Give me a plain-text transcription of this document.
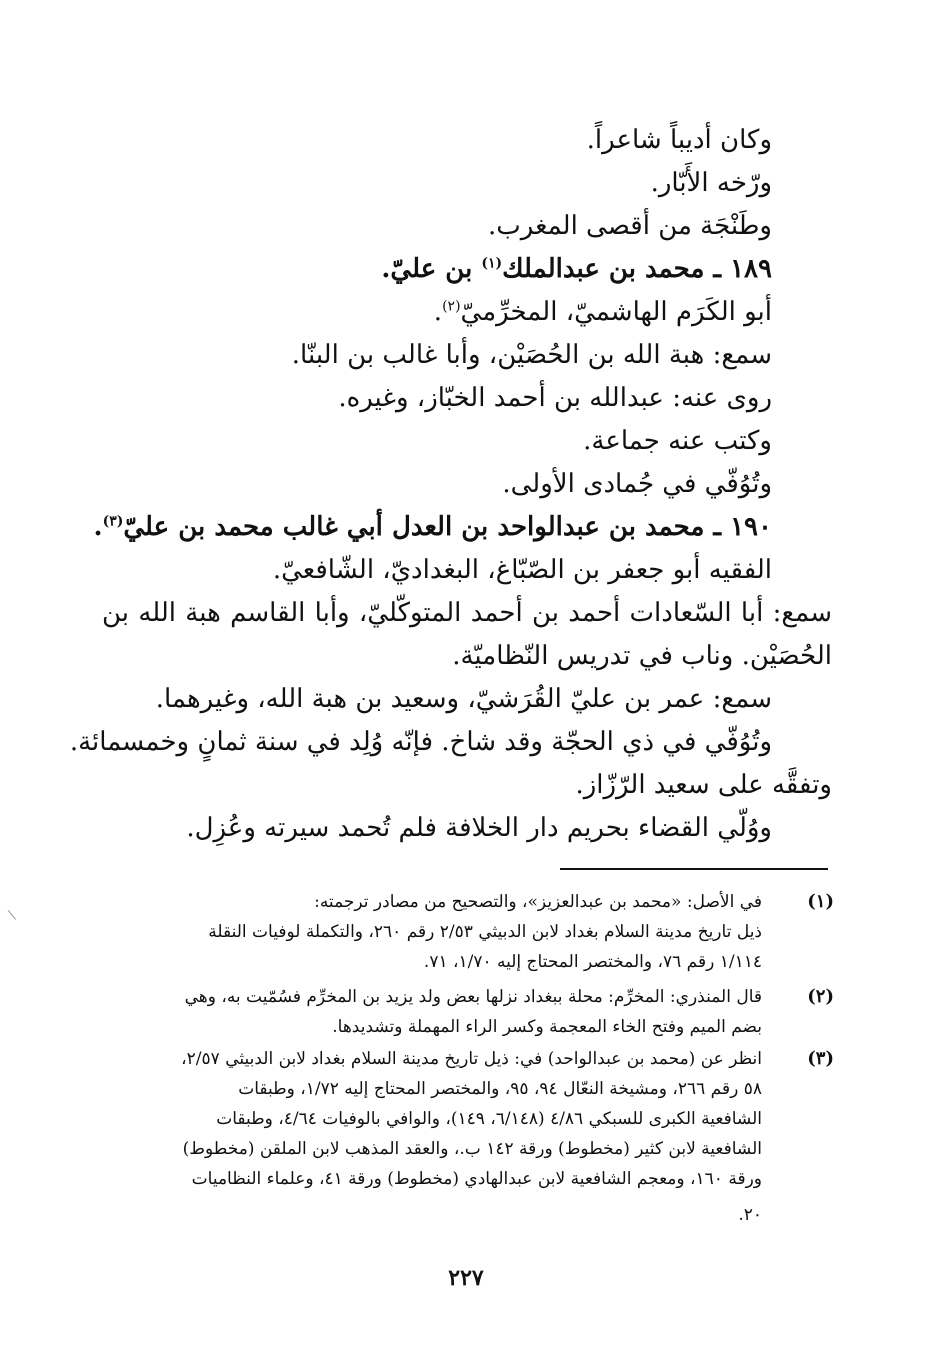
وكان أديباً شاعراً.
ورّخه الأَبّار.
وطَنْجَة من أقصى المغرب.
١٨٩ ـ محمد بن عبدالملك$^{(١)}$ بن عليّ.
أبو الكَرَم الهاشميّ، المخرِّميّ$^{(٢)}$.
سمع: هبة الله بن الحُصَيْن، وأبا غالب بن البنّا.
روى عنه: عبدالله بن أحمد الخبّاز، وغيره.
وكتب عنه جماعة.
وتُوُفّي في جُمادى الأولى.
١٩٠ ـ محمد بن عبدالواحد بن العدل أبي غالب محمد بن عليّ$^{(٣)}$.
الفقيه أبو جعفر بن الصّبّاغ، البغداديّ، الشّافعيّ.
سمع: أبا السّعادات أحمد بن أحمد المتوكّليّ، وأبا القاسم هبة الله بن
الحُصَيْن. وناب في تدريس النّظاميّة.
سمع: عمر بن عليّ القُرَشيّ، وسعيد بن هبة الله، وغيرهما.
وتُوُفّي في ذي الحجّة وقد شاخ. فإنّه وُلِد في سنة ثمانٍ وخمسمائة.
وتفقَّه على سعيد الرّزّاز.
ووُلّي القضاء بحريم دار الخلافة فلم تُحمد سيرته وعُزِل.
(١)
في الأصل: «محمد بن عبدالعزيز»، والتصحيح من مصادر ترجمته:
ذيل تاريخ مدينة السلام بغداد لابن الدبيثي ٢/٥٣ رقم ٢٦٠، والتكملة لوفيات النقلة
١/١١٤ رقم ٧٦، والمختصر المحتاج إليه ١/٧٠، ٧١.
(٢)
قال المنذري: المخرِّم: محلة ببغداد نزلها بعض ولد يزيد بن المخرِّم فسُمّيت به، وهي
بضم الميم وفتح الخاء المعجمة وكسر الراء المهملة وتشديدها.
(٣)
انظر عن (محمد بن عبدالواحد) في: ذيل تاريخ مدينة السلام بغداد لابن الدبيثي ٢/٥٧،
٥٨ رقم ٢٦٦، ومشيخة النعّال ٩٤، ٩٥، والمختصر المحتاج إليه ١/٧٢، وطبقات
الشافعية الكبرى للسبكي ٤/٨٦ (٦/١٤٨، ١٤٩)، والوافي بالوفيات ٤/٦٤، وطبقات
الشافعية لابن كثير (مخطوط) ورقة ١٤٢ ب.، والعقد المذهب لابن الملقن (مخطوط)
ورقة ١٦٠، ومعجم الشافعية لابن عبدالهادي (مخطوط) ورقة ٤١، وعلماء النظاميات
٢٠.
٢٢٧
